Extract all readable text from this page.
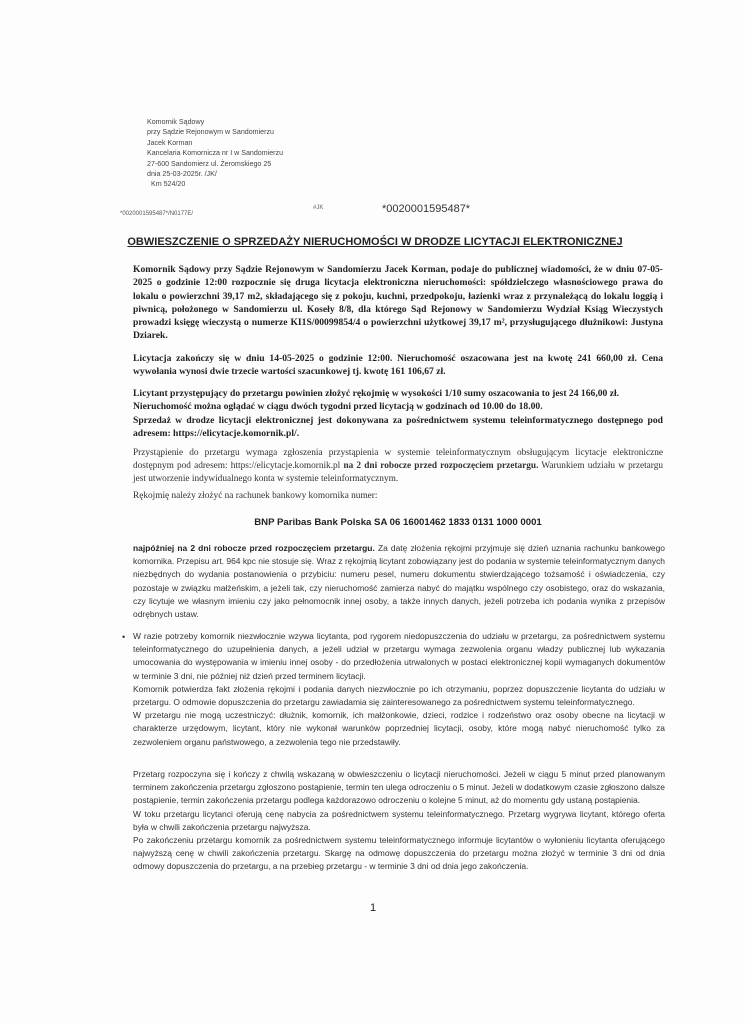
Komornik Sądowy
przy Sądzie Rejonowym w Sandomierzu
Jacek Korman
Kancelaria Komornicza nr I w Sandomierzu
27-600 Sandomierz ul. Żeromskiego 25
dnia 25-03-2025r. /JK/
Km 524/20
#JK	*0020001595487*
*0020001595487*/N0177E/
OBWIESZCZENIE O SPRZEDAŻY NIERUCHOMOŚCI W DRODZE LICYTACJI ELEKTRONICZNEJ

Komornik Sądowy przy Sądzie Rejonowym w Sandomierzu Jacek Korman, podaje do publicznej wiadomości, że w dniu 07-05-2025 o godzinie 12:00 rozpocznie się druga licytacja elektroniczna nieruchomości: spółdzielczego własnościowego prawa do lokalu o powierzchni 39,17 m2, składającego się z pokoju, kuchni, przedpokoju, łazienki wraz z przynależącą do lokalu loggią i piwnicą, położonego w Sandomierzu ul. Koseły 8/8, dla którego Sąd Rejonowy w Sandomierzu Wydział Ksiąg Wieczystych prowadzi księgę wieczystą o numerze KI1S/00099854/4 o powierzchni użytkowej 39,17 m², przysługującego dłużnikowi: Justyna Dziarek.

Licytacja zakończy się w dniu 14-05-2025 o godzinie 12:00. Nieruchomość oszacowana jest na kwotę 241 660,00 zł. Cena wywołania wynosi dwie trzecie wartości szacunkowej tj. kwotę 161 106,67 zł.

Licytant przystępujący do przetargu powinien złożyć rękojmię w wysokości 1/10 sumy oszacowania to jest 24 166,00 zł.

Nieruchomość można oglądać w ciągu dwóch tygodni przed licytacją w godzinach od 10.00 do 18.00.

Sprzedaż w drodze licytacji elektronicznej jest dokonywana za pośrednictwem systemu teleinformatycznego dostępnego pod adresem: https://elicytacje.komornik.pl/.

Przystąpienie do przetargu wymaga zgłoszenia przystąpienia w systemie teleinformatycznym obsługującym licytacje elektroniczne dostępnym pod adresem: https://elicytacje.komornik.pl na 2 dni robocze przed rozpoczęciem przetargu. Warunkiem udziału w przetargu jest utworzenie indywidualnego konta w systemie teleinformatycznym.

Rękojmię należy złożyć na rachunek bankowy komornika numer:

BNP Paribas Bank Polska SA 06 16001462 1833 0131 1000 0001

najpóźniej na 2 dni robocze przed rozpoczęciem przetargu. Za datę złożenia rękojmi przyjmuje się dzień uznania rachunku bankowego komornika. Przepisu art. 964 kpc nie stosuje się. Wraz z rękojmią licytant zobowiązany jest do podania w systemie teleinformatycznym danych niezbędnych do wydania postanowienia o przybiciu: numeru pesel, numeru dokumentu stwierdzającego tożsamość i oświadczenia, czy pozostaje w związku małżeńskim, a jeżeli tak, czy nieruchomość zamierza nabyć do majątku wspólnego czy osobistego, oraz do wskazania, czy licytuje we własnym imieniu czy jako pełnomocnik innej osoby, a także innych danych, jeżeli potrzeba ich podania wynika z przepisów odrębnych ustaw.

• W razie potrzeby komornik niezwłocznie wzywa licytanta, pod rygorem niedopuszczenia do udziału w przetargu, za pośrednictwem systemu teleinformatycznego do uzupełnienia danych, a jeżeli udział w przetargu wymaga zezwolenia organu władzy publicznej lub wykazania umocowania do występowania w imieniu innej osoby - do przedłożenia utrwalonych w postaci elektronicznej kopii wymaganych dokumentów w terminie 3 dni, nie później niż dzień przed terminem licytacji.

Komornik potwierdza fakt złożenia rękojmi i podania danych niezwłocznie po ich otrzymaniu, poprzez dopuszczenie licytanta do udziału w przetargu. O odmowie dopuszczenia do przetargu zawiadamia się zainteresowanego za pośrednictwem systemu teleinformatycznego.

W przetargu nie mogą uczestniczyć: dłużnik, komornik, ich małżonkowie, dzieci, rodzice i rodzeństwo oraz osoby obecne na licytacji w charakterze urzędowym, licytant, który nie wykonał warunków poprzedniej licytacji, osoby, które mogą nabyć nieruchomość tylko za zezwoleniem organu państwowego, a zezwolenia tego nie przedstawiły.

Przetarg rozpoczyna się i kończy z chwilą wskazaną w obwieszczeniu o licytacji nieruchomości. Jeżeli w ciągu 5 minut przed planowanym terminem zakończenia przetargu zgłoszono postąpienie, termin ten ulega odroczeniu o 5 minut. Jeżeli w dodatkowym czasie zgłoszono dalsze postąpienie, termin zakończenia przetargu podlega każdorazowo odroczeniu o kolejne 5 minut, aż do momentu gdy ustaną postąpienia.

W toku przetargu licytanci oferują cenę nabycia za pośrednictwem systemu teleinformatycznego. Przetarg wygrywa licytant, którego oferta była w chwili zakończenia przetargu najwyższa.

Po zakończeniu przetargu komornik za pośrednictwem systemu teleinformatycznego informuje licytantów o wyłonieniu licytanta oferującego najwyższą cenę w chwili zakończenia przetargu. Skargę na odmowę dopuszczenia do przetargu można złożyć w terminie 3 dni od dnia odmowy dopuszczenia do przetargu, a na przebieg przetargu - w terminie 3 dni od dnia jego zakończenia.

1
